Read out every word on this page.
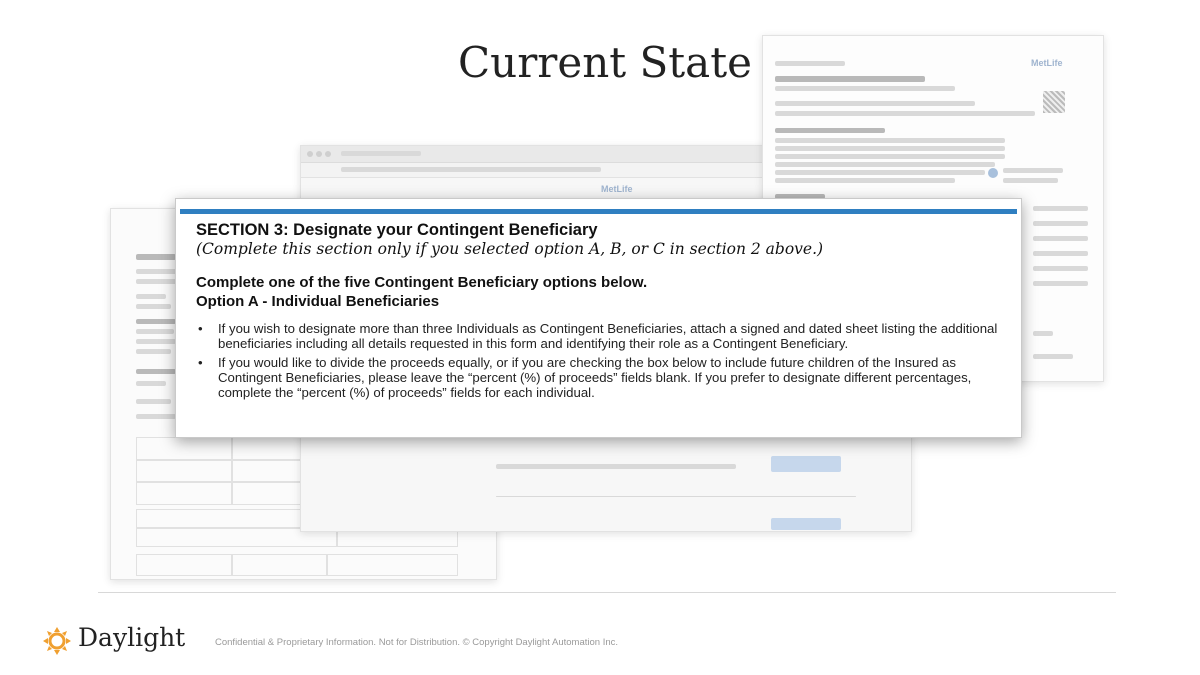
Current State
MetLife
MetLife
SECTION 3: Designate your Contingent Beneficiary
(Complete this section only if you selected option A, B, or C in section 2 above.)
Complete one of the five Contingent Beneficiary options below.
Option A - Individual Beneficiaries
• If you wish to designate more than three Individuals as Contingent Beneficiaries, attach a signed and dated sheet listing the additional beneficiaries including all details requested in this form and identifying their role as a Contingent Beneficiary.
• If you would like to divide the proceeds equally, or if you are checking the box below to include future children of the Insured as Contingent Beneficiaries, please leave the “percent (%) of proceeds” fields blank. If you prefer to designate different percentages, complete the “percent (%) of proceeds” fields for each individual.
Daylight	Confidential & Proprietary Information. Not for Distribution. © Copyright Daylight Automation Inc.
